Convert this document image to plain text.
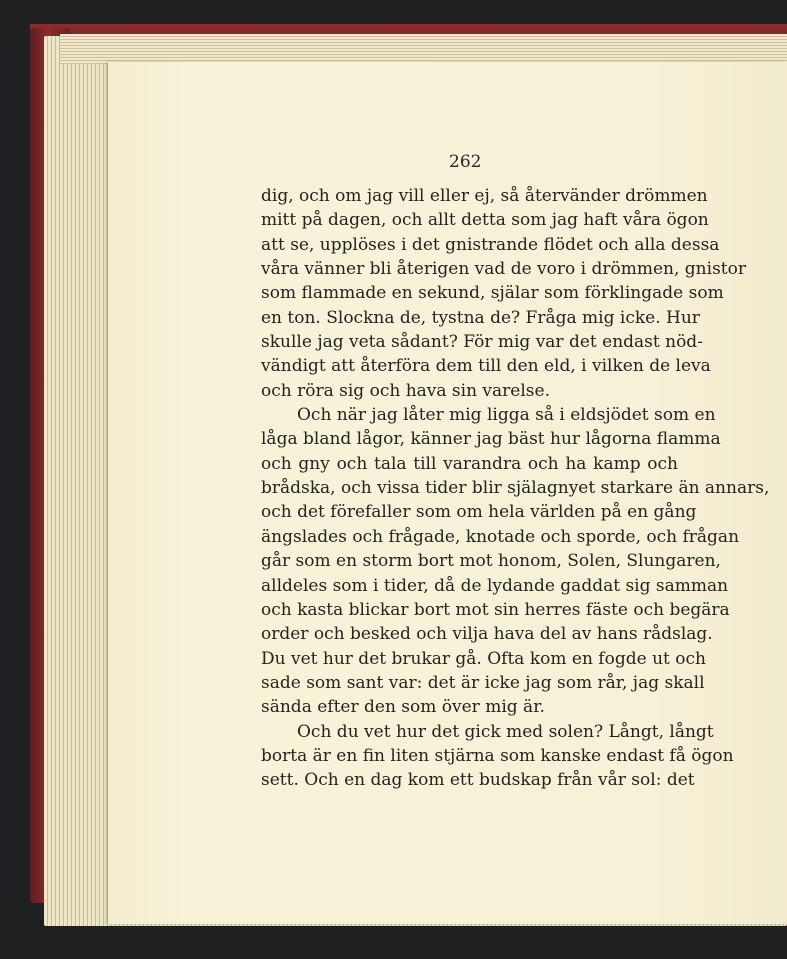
262
dig, och om jag vill eller ej, så återvänder drömmen
mitt på dagen, och allt detta som jag haft våra ögon
att se, upplöses i det gnistrande flödet och alla dessa
våra vänner bli återigen vad de voro i drömmen, gnistor
som flammade en sekund, själar som förklingade som
en ton. Slockna de, tystna de? Fråga mig icke. Hur
skulle jag veta sådant? För mig var det endast nöd-
vändigt att återföra dem till den eld, i vilken de leva
och röra sig och hava sin varelse.
Och när jag låter mig ligga så i eldsjödet som en
låga bland lågor, känner jag bäst hur lågorna flamma
och gny och tala till varandra och ha kamp och
brådska, och vissa tider blir själagnyet starkare än annars,
och det förefaller som om hela världen på en gång
ängslades och frågade, knotade och sporde, och frågan
går som en storm bort mot honom, Solen, Slungaren,
alldeles som i tider, då de lydande gaddat sig samman
och kasta blickar bort mot sin herres fäste och begära
order och besked och vilja hava del av hans rådslag.
Du vet hur det brukar gå. Ofta kom en fogde ut och
sade som sant var: det är icke jag som rår, jag skall
sända efter den som över mig är.
Och du vet hur det gick med solen? Långt, långt
borta är en fin liten stjärna som kanske endast få ögon
sett. Och en dag kom ett budskap från vår sol: det
